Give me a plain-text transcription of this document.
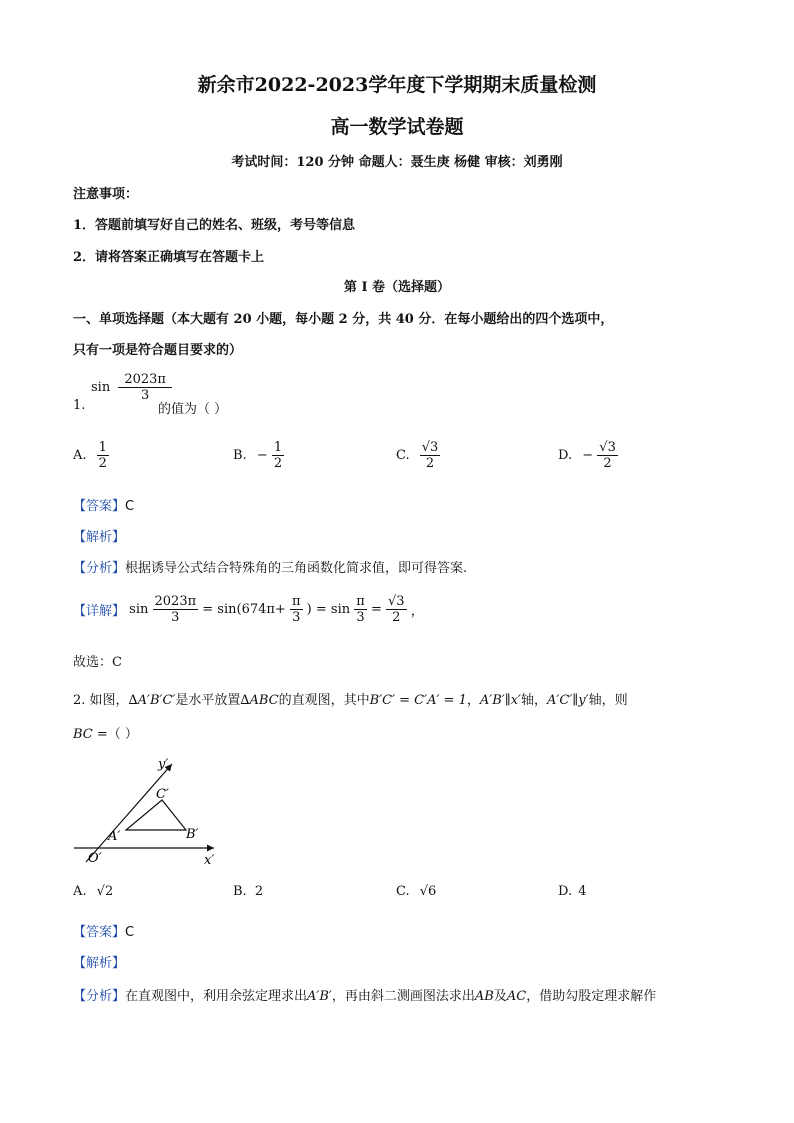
新余市2022-2023学年度下学期期末质量检测
高一数学试卷题
考试时间：120 分钟 命题人：聂生庚 杨健 审核：刘勇刚
注意事项：
1．答题前填写好自己的姓名、班级，考号等信息
2．请将答案正确填写在答题卡上
第 I 卷（选择题）
一、单项选择题（本大题有 20 小题，每小题 2 分，共 40 分．在每小题给出的四个选项中，
只有一项是符合题目要求的）
1.
$\sin \frac{2023\pi}{3}$
的值为（ ）
A. $\frac{1}{2}$	B. − $\frac{1}{2}$	C. $\frac{√3}{2}$	D. − $\frac{√3}{2}$
【答案】C
【解析】
【分析】根据诱导公式结合特殊角的三角函数化简求值，即可得答案.
【详解】 $\sin \frac{2023\pi}{3} = \sin(674\pi+ \frac{\pi}{3}$ ) = $\sin \frac{\pi}{3} = \frac{√3}{2}$ ，
故选：C
2. 如图，∆A′B′C′是水平放置∆ABC的直观图，其中B′C′ = C′A′ = 1，A′B′∥x′轴，A′C′∥y′轴，则
BC =（ ）
y′
x′
O′
A′	B′
C′
A. √2	B. 2	C. √6	D. 4
【答案】C
【解析】
【分析】在直观图中，利用余弦定理求出A′B′，再由斜二测画图法求出AB及AC，借助勾股定理求解作
